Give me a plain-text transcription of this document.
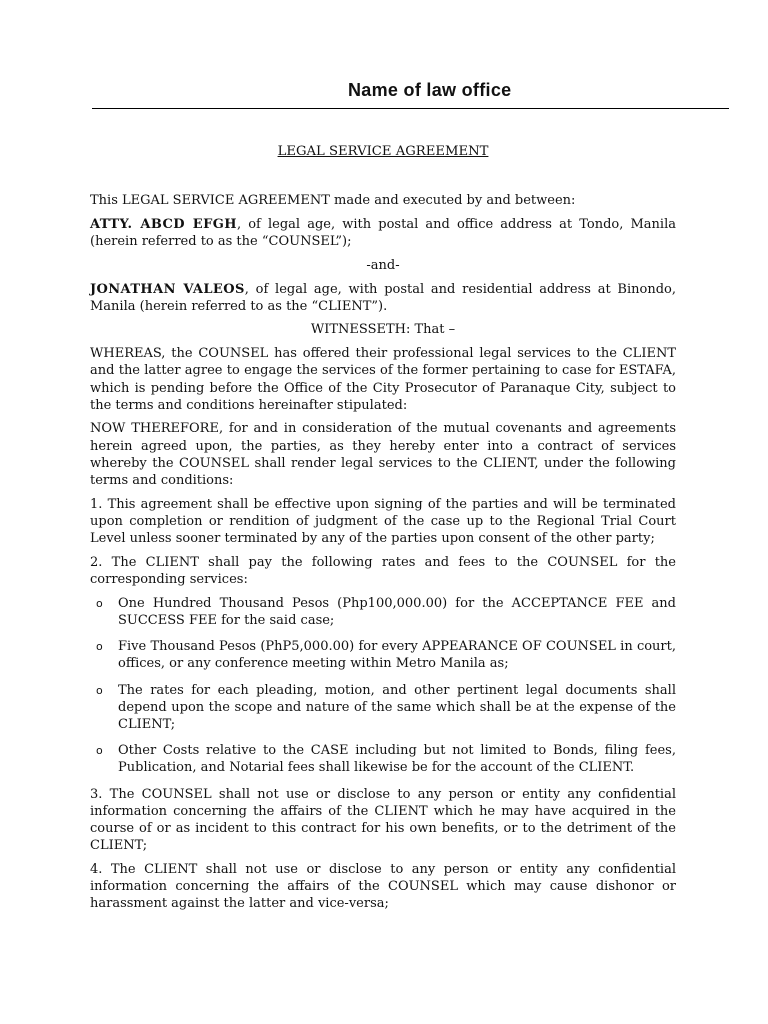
Name of law office

LEGAL SERVICE AGREEMENT

This LEGAL SERVICE AGREEMENT made and executed by and between:

ATTY. ABCD EFGH, of legal age, with postal and office address at Tondo, Manila (herein referred to as the “COUNSEL”);

-and-

JONATHAN VALEOS, of legal age, with postal and residential address at Binondo, Manila (herein referred to as the “CLIENT”).

WITNESSETH: That –

WHEREAS, the COUNSEL has offered their professional legal services to the CLIENT and the latter agree to engage the services of the former pertaining to case for ESTAFA, which is pending before the Office of the City Prosecutor of Paranaque City, subject to the terms and conditions hereinafter stipulated:

NOW THEREFORE, for and in consideration of the mutual covenants and agreements herein agreed upon, the parties, as they hereby enter into a contract of services whereby the COUNSEL shall render legal services to the CLIENT, under the following terms and conditions:

1. This agreement shall be effective upon signing of the parties and will be terminated upon completion or rendition of judgment of the case up to the Regional Trial Court Level unless sooner terminated by any of the parties upon consent of the other party;

2. The CLIENT shall pay the following rates and fees to the COUNSEL for the corresponding services:

o One Hundred Thousand Pesos (Php100,000.00) for the ACCEPTANCE FEE and SUCCESS FEE for the said case;
o Five Thousand Pesos (PhP5,000.00) for every APPEARANCE OF COUNSEL in court, offices, or any conference meeting within Metro Manila as;
o The rates for each pleading, motion, and other pertinent legal documents shall depend upon the scope and nature of the same which shall be at the expense of the CLIENT;
o Other Costs relative to the CASE including but not limited to Bonds, filing fees, Publication, and Notarial fees shall likewise be for the account of the CLIENT.

3. The COUNSEL shall not use or disclose to any person or entity any confidential information concerning the affairs of the CLIENT which he may have acquired in the course of or as incident to this contract for his own benefits, or to the detriment of the CLIENT;

4. The CLIENT shall not use or disclose to any person or entity any confidential information concerning the affairs of the COUNSEL which may cause dishonor or harassment against the latter and vice-versa;
